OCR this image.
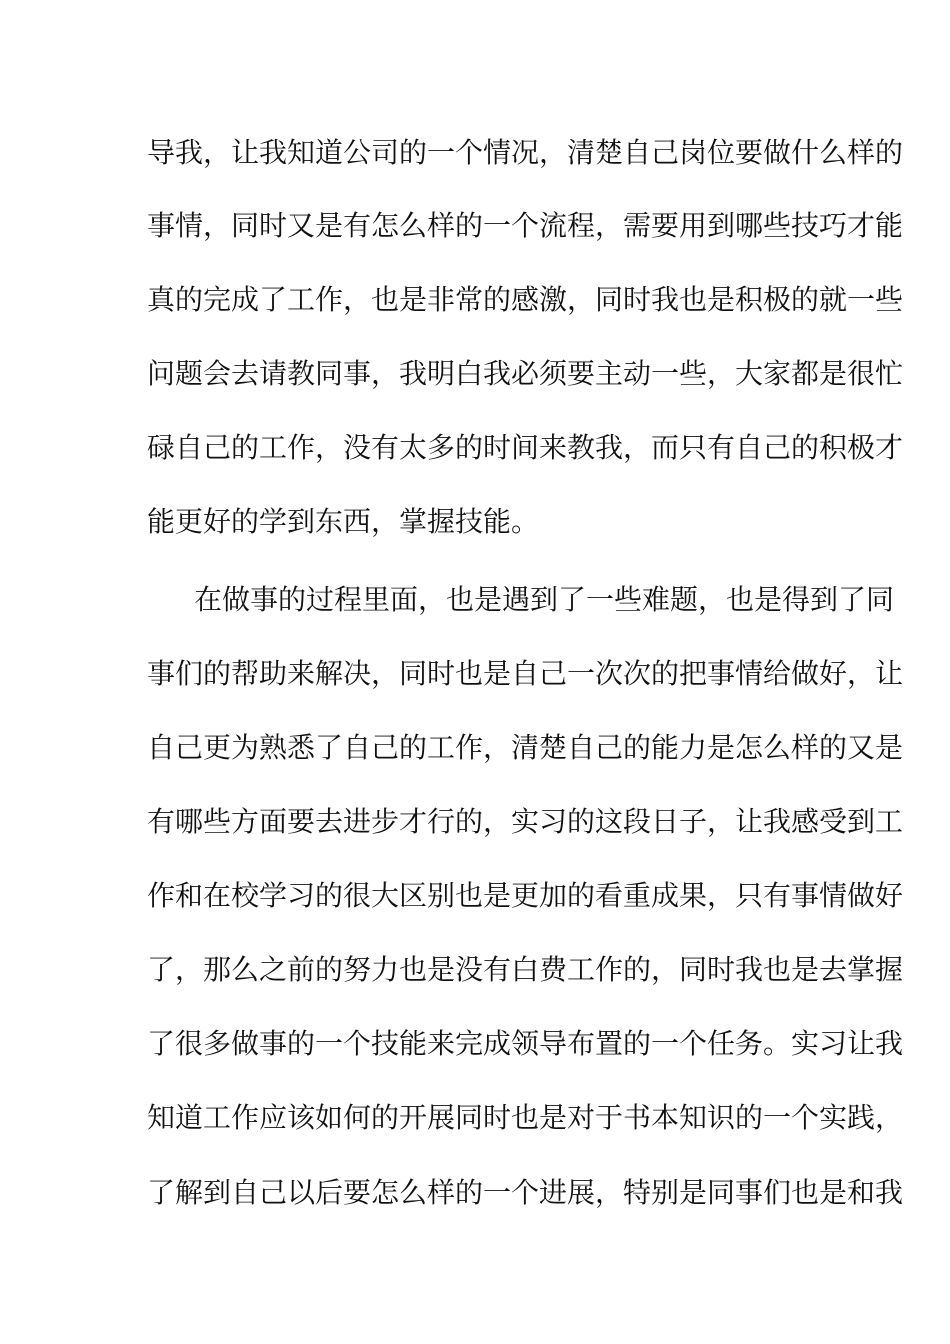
导我，让我知道公司的一个情况，清楚自己岗位要做什么样的
事情，同时又是有怎么样的一个流程，需要用到哪些技巧才能
真的完成了工作，也是非常的感激，同时我也是积极的就一些
问题会去请教同事，我明白我必须要主动一些，大家都是很忙
碌自己的工作，没有太多的时间来教我，而只有自己的积极才
能更好的学到东西，掌握技能。
在做事的过程里面，也是遇到了一些难题，也是得到了同
事们的帮助来解决，同时也是自己一次次的把事情给做好，让
自己更为熟悉了自己的工作，清楚自己的能力是怎么样的又是
有哪些方面要去进步才行的，实习的这段日子，让我感受到工
作和在校学习的很大区别也是更加的看重成果，只有事情做好
了，那么之前的努力也是没有白费工作的，同时我也是去掌握
了很多做事的一个技能来完成领导布置的一个任务。实习让我
知道工作应该如何的开展同时也是对于书本知识的一个实践，
了解到自己以后要怎么样的一个进展，特别是同事们也是和我
